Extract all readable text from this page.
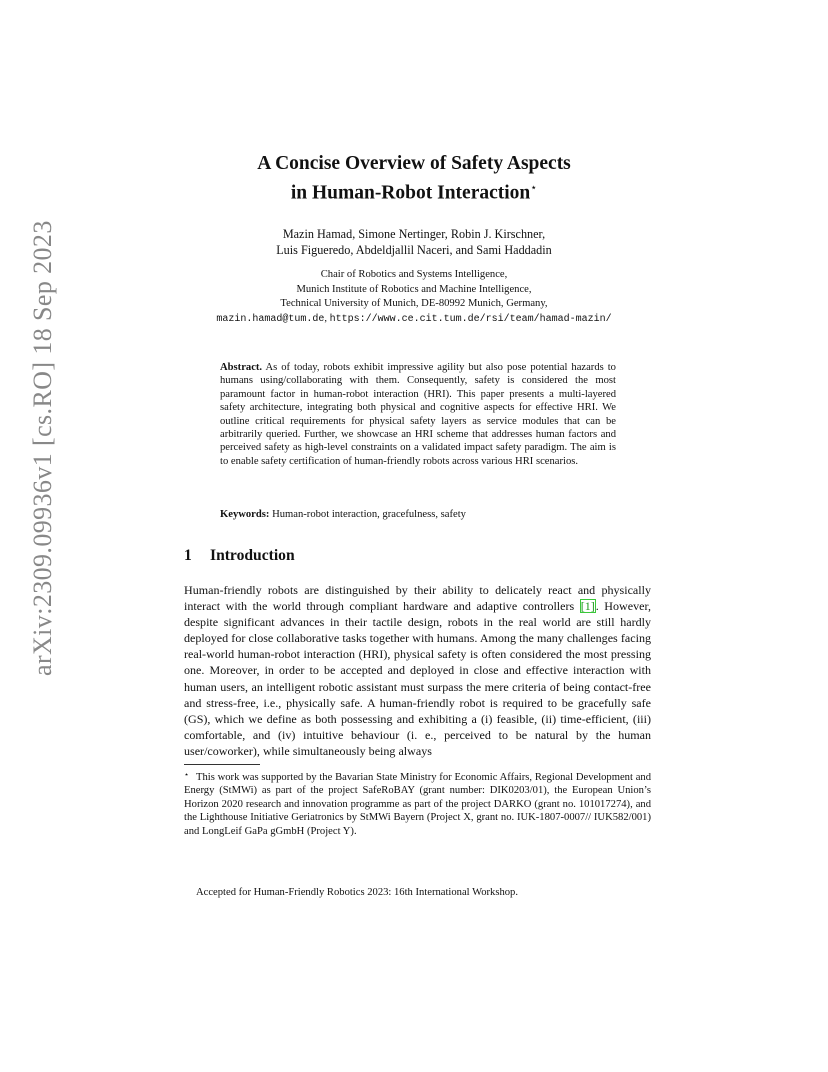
arXiv:2309.09936v1 [cs.RO] 18 Sep 2023
A Concise Overview of Safety Aspects
in Human-Robot Interaction⋆
Mazin Hamad, Simone Nertinger, Robin J. Kirschner,
Luis Figueredo, Abdeldjallil Naceri, and Sami Haddadin
Chair of Robotics and Systems Intelligence,
Munich Institute of Robotics and Machine Intelligence,
Technical University of Munich, DE-80992 Munich, Germany,
mazin.hamad@tum.de, https://www.ce.cit.tum.de/rsi/team/hamad-mazin/
Abstract. As of today, robots exhibit impressive agility but also pose potential hazards to humans using/collaborating with them. Consequently, safety is considered the most paramount factor in human-robot interaction (HRI). This paper presents a multi-layered safety architecture, integrating both physical and cognitive aspects for effective HRI. We outline critical requirements for physical safety layers as service modules that can be arbitrarily queried. Further, we showcase an HRI scheme that addresses human factors and perceived safety as high-level constraints on a validated impact safety paradigm. The aim is to enable safety certification of human-friendly robots across various HRI scenarios.
Keywords: Human-robot interaction, gracefulness, safety
1 Introduction
Human-friendly robots are distinguished by their ability to delicately react and physically interact with the world through compliant hardware and adaptive controllers [1]. However, despite significant advances in their tactile design, robots in the real world are still hardly deployed for close collaborative tasks together with humans. Among the many challenges facing real-world human-robot interaction (HRI), physical safety is often considered the most pressing one. Moreover, in order to be accepted and deployed in close and effective interaction with human users, an intelligent robotic assistant must surpass the mere criteria of being contact-free and stress-free, i.e., physically safe. A human-friendly robot is required to be gracefully safe (GS), which we define as both possessing and exhibiting a (i) feasible, (ii) time-efficient, (iii) comfortable, and (iv) intuitive behaviour (i. e., perceived to be natural by the human user/coworker), while simultaneously being always
⋆ This work was supported by the Bavarian State Ministry for Economic Affairs, Regional Development and Energy (StMWi) as part of the project SafeRoBAY (grant number: DIK0203/01), the European Union’s Horizon 2020 research and innovation programme as part of the project DARKO (grant no. 101017274), and the Lighthouse Initiative Geriatronics by StMWi Bayern (Project X, grant no. IUK-1807-0007// IUK582/001) and LongLeif GaPa gGmbH (Project Y).
Accepted for Human-Friendly Robotics 2023: 16th International Workshop.
